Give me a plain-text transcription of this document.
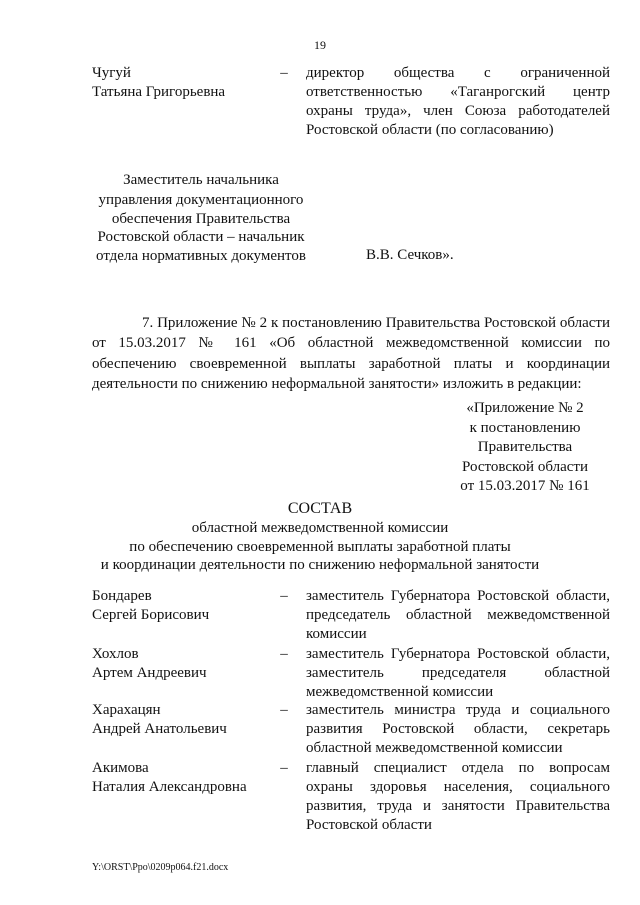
19
Чугуй
Татьяна Григорьевна
– директор общества с ограниченной ответственностью «Таганрогский центр охраны труда», член Союза работодателей Ростовской области (по согласованию)
Заместитель начальника
управления документационного
обеспечения Правительства
Ростовской области – начальник
отдела нормативных документов	В.В. Сечков».
7. Приложение № 2 к постановлению Правительства Ростовской области
от 15.03.2017 № 161 «Об областной межведомственной комиссии по
обеспечению своевременной выплаты заработной платы и координации
деятельности по снижению неформальной занятости» изложить в редакции:
«Приложение № 2
к постановлению
Правительства
Ростовской области
от 15.03.2017 № 161
СОСТАВ
областной межведомственной комиссии
по обеспечению своевременной выплаты заработной платы
и координации деятельности по снижению неформальной занятости
Бондарев
Сергей Борисович
– заместитель Губернатора Ростовской области, председатель областной межведомственной комиссии
Хохлов
Артем Андреевич
– заместитель Губернатора Ростовской области, заместитель председателя областной межведомственной комиссии
Харахацян
Андрей Анатольевич
– заместитель министра труда и социального развития Ростовской области, секретарь областной межведомственной комиссии
Акимова
Наталия Александровна
– главный специалист отдела по вопросам охраны здоровья населения, социального развития, труда и занятости Правительства Ростовской области
Y:\ORST\Ppo\0209p064.f21.docx
